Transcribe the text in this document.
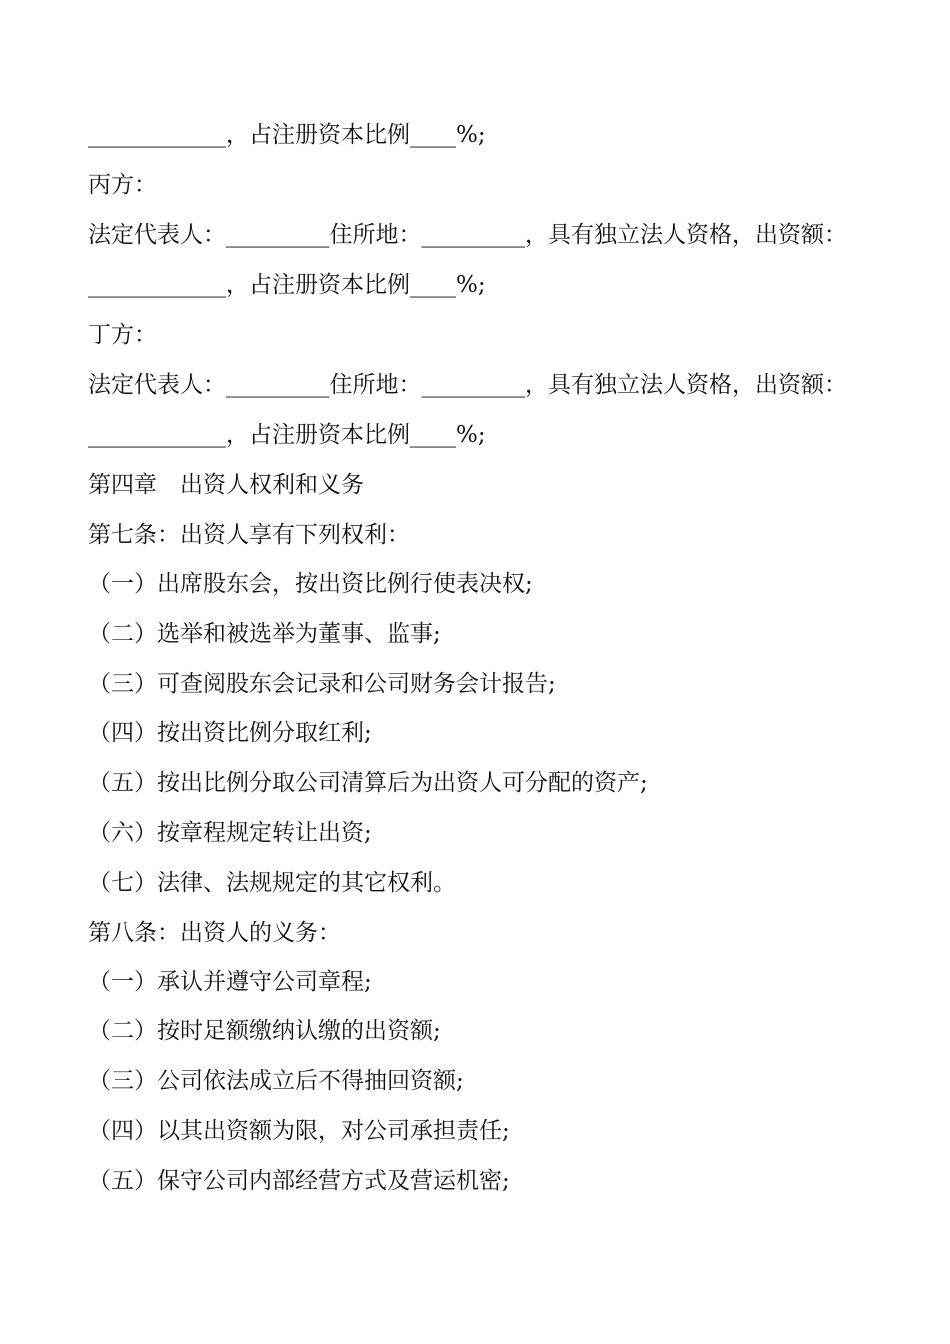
____________，占注册资本比例____%;
丙方：
法定代表人：_________住所地：_________，具有独立法人资格，出资额：
____________，占注册资本比例____%;
丁方：
法定代表人：_________住所地：_________，具有独立法人资格，出资额：
____________，占注册资本比例____%;
第四章　出资人权利和义务
第七条：出资人享有下列权利：
（一）出席股东会，按出资比例行使表决权;
（二）选举和被选举为董事、监事;
（三）可查阅股东会记录和公司财务会计报告;
（四）按出资比例分取红利;
（五）按出比例分取公司清算后为出资人可分配的资产;
（六）按章程规定转让出资;
（七）法律、法规规定的其它权利。
第八条：出资人的义务：
（一）承认并遵守公司章程;
（二）按时足额缴纳认缴的出资额;
（三）公司依法成立后不得抽回资额;
（四）以其出资额为限，对公司承担责任;
（五）保守公司内部经营方式及营运机密;
